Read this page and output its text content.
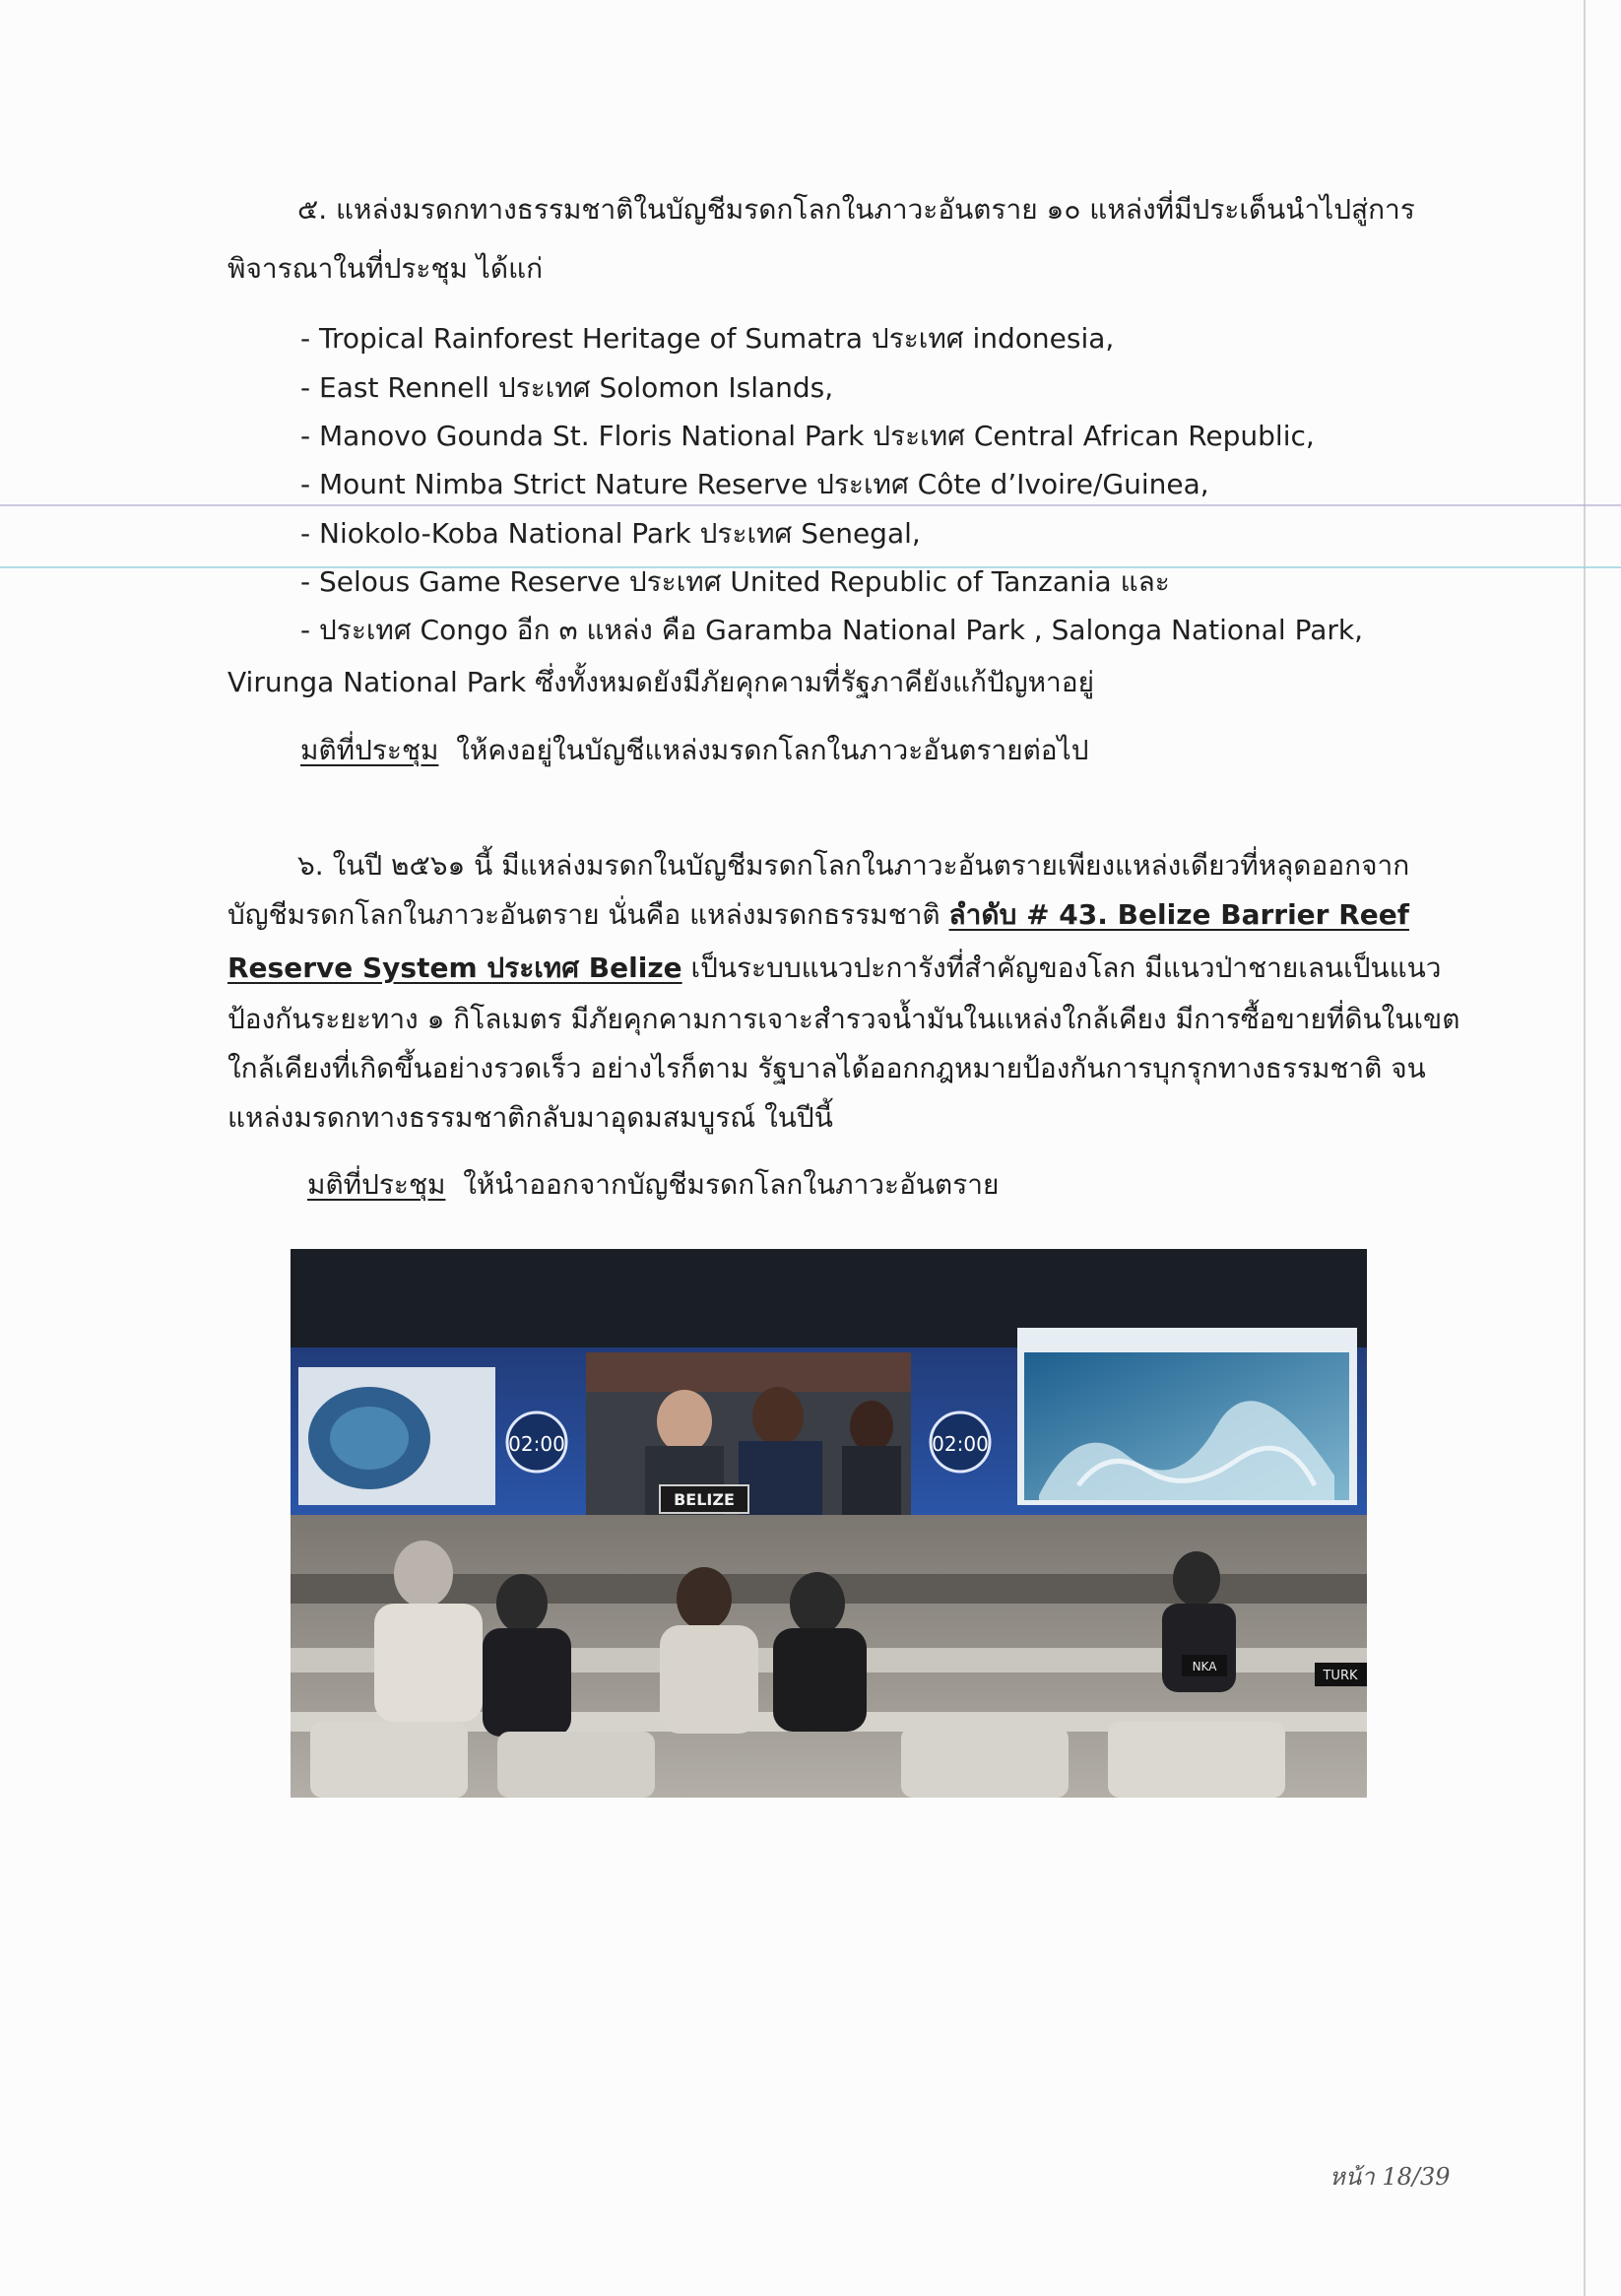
๕. แหล่งมรดกทางธรรมชาติในบัญชีมรดกโลกในภาวะอันตราย ๑๐ แหล่งที่มีประเด็นนำไปสู่การ
พิจารณาในที่ประชุม ได้แก่
- Tropical Rainforest Heritage of Sumatra ประเทศ indonesia,
- East Rennell ประเทศ Solomon Islands,
- Manovo Gounda St. Floris National Park ประเทศ Central African Republic,
- Mount Nimba Strict Nature Reserve ประเทศ Côte d’Ivoire/Guinea,
- Niokolo-Koba National Park ประเทศ Senegal,
- Selous Game Reserve ประเทศ United Republic of Tanzania และ
- ประเทศ Congo อีก ๓ แหล่ง คือ Garamba National Park , Salonga National Park,
Virunga National Park ซึ่งทั้งหมดยังมีภัยคุกคามที่รัฐภาคียังแก้ปัญหาอยู่
มติที่ประชุม ให้คงอยู่ในบัญชีแหล่งมรดกโลกในภาวะอันตรายต่อไป
๖. ในปี ๒๕๖๑ นี้ มีแหล่งมรดกในบัญชีมรดกโลกในภาวะอันตรายเพียงแหล่งเดียวที่หลุดออกจาก
บัญชีมรดกโลกในภาวะอันตราย นั่นคือ แหล่งมรดกธรรมชาติ ลำดับ # 43. Belize Barrier Reef
Reserve System ประเทศ Belize เป็นระบบแนวปะการังที่สำคัญของโลก มีแนวป่าชายเลนเป็นแนว
ป้องกันระยะทาง ๑ กิโลเมตร มีภัยคุกคามการเจาะสำรวจน้ำมันในแหล่งใกล้เคียง มีการซื้อขายที่ดินในเขต
ใกล้เคียงที่เกิดขึ้นอย่างรวดเร็ว อย่างไรก็ตาม รัฐบาลได้ออกกฎหมายป้องกันการบุกรุกทางธรรมชาติ จน
แหล่งมรดกทางธรรมชาติกลับมาอุดมสมบูรณ์ ในปีนี้
มติที่ประชุม ให้นำออกจากบัญชีมรดกโลกในภาวะอันตราย
02:00
BELIZE
02:00
NKA
TURK
หน้า 18/39
